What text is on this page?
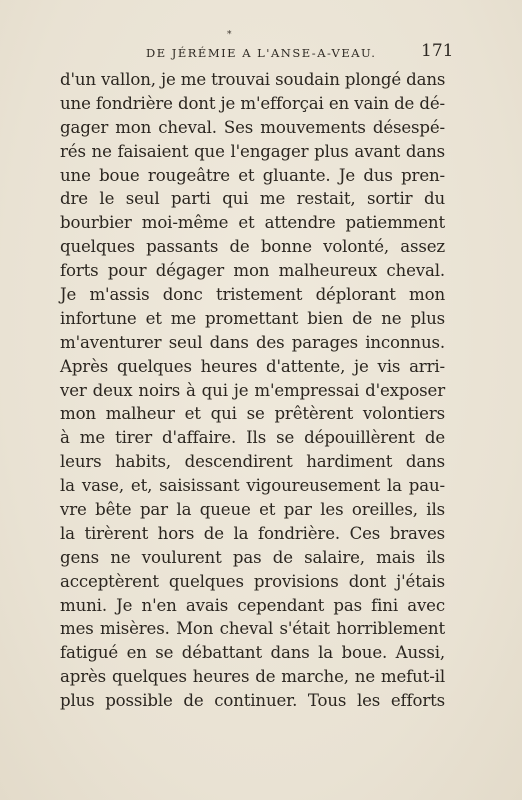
*
DE JÉRÉMIE A L'ANSE-A-VEAU.	171
d'un vallon, je me trouvai soudain plongé dans
une fondrière dont je m'efforçai en vain de dé-
gager mon cheval. Ses mouvements désespé-
rés ne faisaient que l'engager plus avant dans
une boue rougeâtre et gluante. Je dus pren-
dre le seul parti qui me restait, sortir du
bourbier moi-même et attendre patiemment
quelques passants de bonne volonté, assez
forts pour dégager mon malheureux cheval.
Je m'assis donc tristement déplorant mon
infortune et me promettant bien de ne plus
m'aventurer seul dans des parages inconnus.
Après quelques heures d'attente, je vis arri-
ver deux noirs à qui je m'empressai d'exposer
mon malheur et qui se prêtèrent volontiers
à me tirer d'affaire. Ils se dépouillèrent de
leurs habits, descendirent hardiment dans
la vase, et, saisissant vigoureusement la pau-
vre bête par la queue et par les oreilles, ils
la tirèrent hors de la fondrière. Ces braves
gens ne voulurent pas de salaire, mais ils
acceptèrent quelques provisions dont j'étais
muni. Je n'en avais cependant pas fini avec
mes misères. Mon cheval s'était horriblement
fatigué en se débattant dans la boue. Aussi,
après quelques heures de marche, ne mefut-il
plus possible de continuer. Tous les efforts
